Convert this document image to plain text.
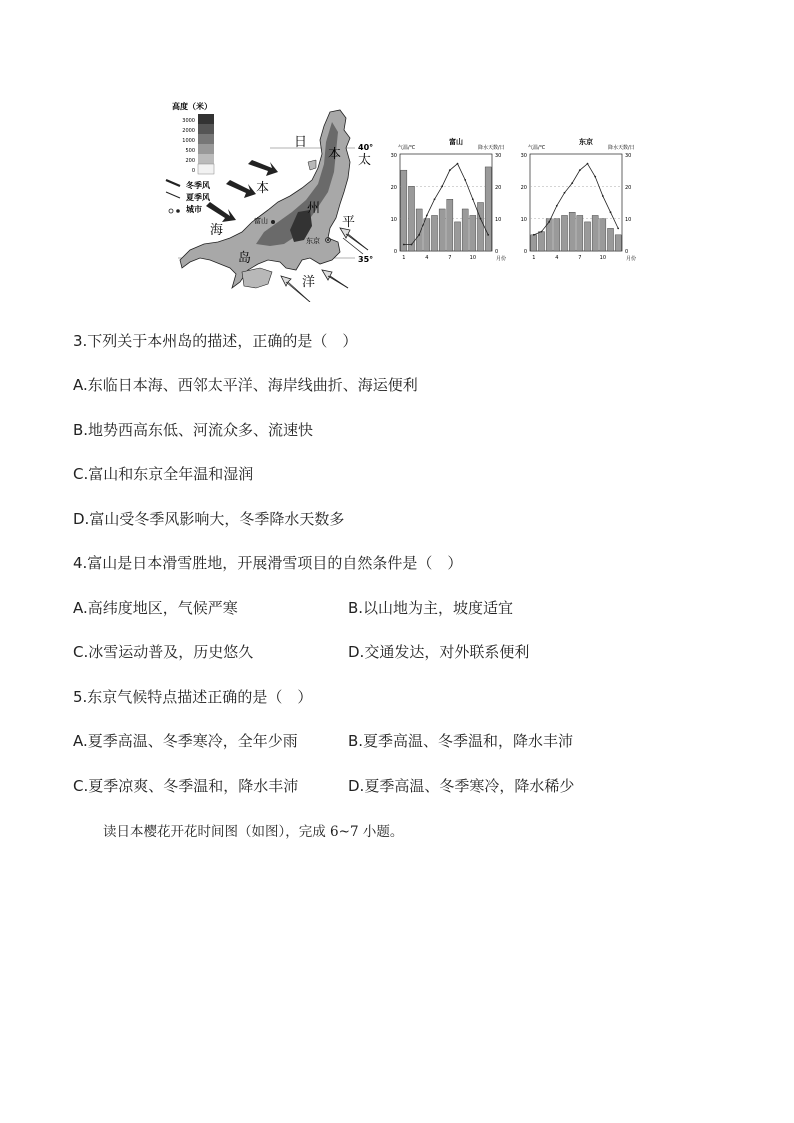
高度（米）
3000
2000
1000
500
200
0
冬季风
夏季风
城市
40°
35°
日
本
海
太
平
洋
本
州
岛
富山
东京
富山
气温/℃	降水天数/日
0
10
20
30
0
10
20
30
1	4	7	10	月份
东京
气温/℃	降水天数/日
0
10
20
30
0
10
20
30
1	4	7	10	月份
3.下列关于本州岛的描述，正确的是（　）
A.东临日本海、西邻太平洋、海岸线曲折、海运便利
B.地势西高东低、河流众多、流速快
C.富山和东京全年温和湿润
D.富山受冬季风影响大，冬季降水天数多
4.富山是日本滑雪胜地，开展滑雪项目的自然条件是（　）
A.高纬度地区，气候严寒	B.以山地为主，坡度适宜
C.冰雪运动普及，历史悠久	D.交通发达，对外联系便利
5.东京气候特点描述正确的是（　）
A.夏季高温、冬季寒冷，全年少雨	B.夏季高温、冬季温和，降水丰沛
C.夏季凉爽、冬季温和，降水丰沛	D.夏季高温、冬季寒冷，降水稀少
读日本樱花开花时间图（如图），完成 6~7 小题。
